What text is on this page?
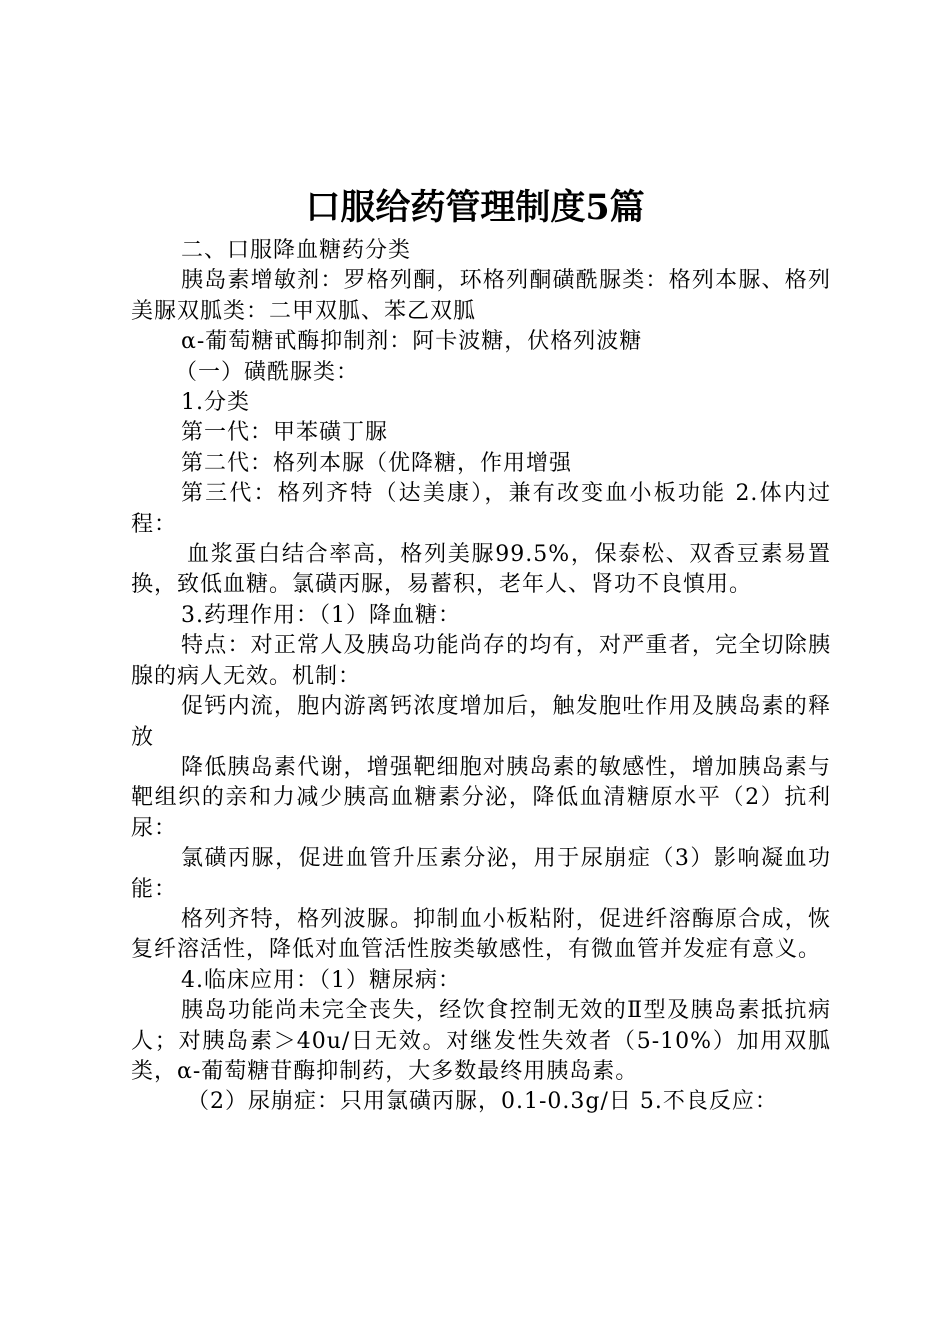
口服给药管理制度5篇

二、口服降血糖药分类

胰岛素增敏剂：罗格列酮，环格列酮磺酰脲类：格列本脲、格列美脲双胍类：二甲双胍、苯乙双胍

α-葡萄糖甙酶抑制剂：阿卡波糖，伏格列波糖

（一）磺酰脲类：

1.分类

第一代：甲苯磺丁脲

第二代：格列本脲（优降糖，作用增强

第三代：格列齐特（达美康），兼有改变血小板功能 2.体内过程：

血浆蛋白结合率高，格列美脲99.5%，保泰松、双香豆素易置换，致低血糖。氯磺丙脲，易蓄积，老年人、肾功不良慎用。

3.药理作用：（1）降血糖：

特点：对正常人及胰岛功能尚存的均有，对严重者，完全切除胰腺的病人无效。机制：

促钙内流，胞内游离钙浓度增加后，触发胞吐作用及胰岛素的释放

降低胰岛素代谢，增强靶细胞对胰岛素的敏感性，增加胰岛素与靶组织的亲和力减少胰高血糖素分泌，降低血清糖原水平（2）抗利尿：

氯磺丙脲，促进血管升压素分泌，用于尿崩症（3）影响凝血功能：

格列齐特，格列波脲。抑制血小板粘附，促进纤溶酶原合成，恢复纤溶活性，降低对血管活性胺类敏感性，有微血管并发症有意义。

4.临床应用：（1）糖尿病：

胰岛功能尚未完全丧失，经饮食控制无效的Ⅱ型及胰岛素抵抗病人；对胰岛素＞40u/日无效。对继发性失效者（5-10%）加用双胍类，α-葡萄糖苷酶抑制药，大多数最终用胰岛素。

（2）尿崩症：只用氯磺丙脲，0.1-0.3g/日 5.不良反应：
